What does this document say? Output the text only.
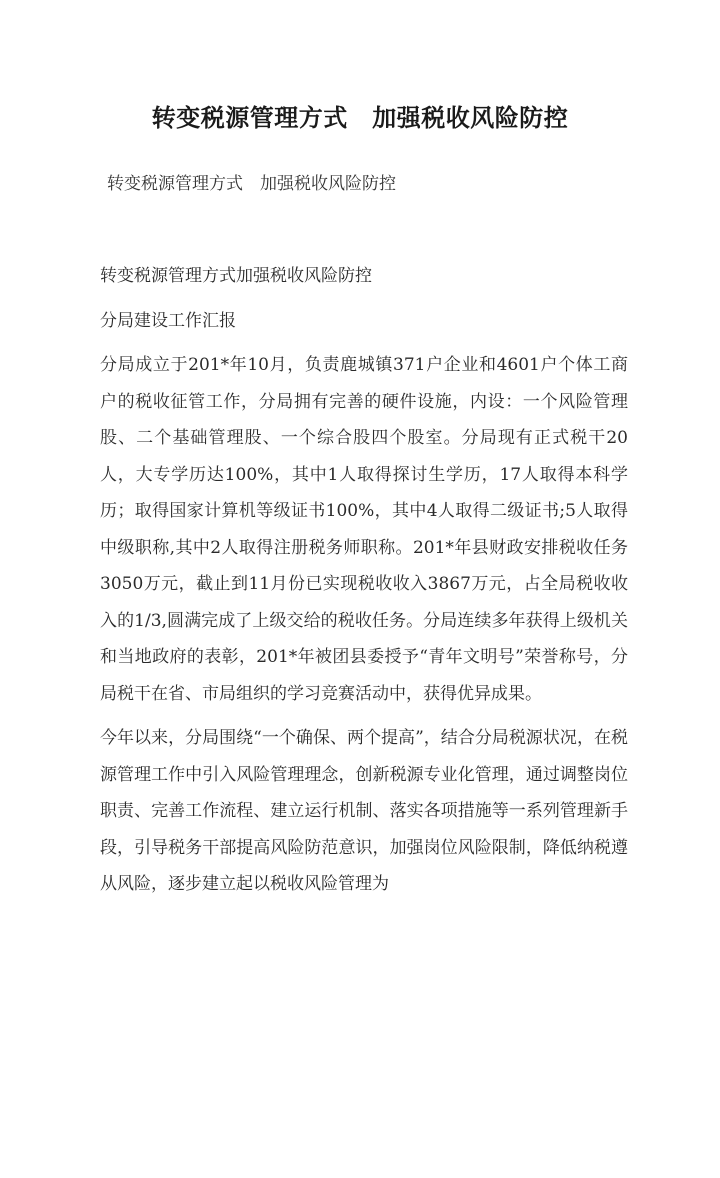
转变税源管理方式　加强税收风险防控

转变税源管理方式　加强税收风险防控

转变税源管理方式加强税收风险防控

分局建设工作汇报

分局成立于201*年10月，负责鹿城镇371户企业和4601户个体工商户的税收征管工作，分局拥有完善的硬件设施，内设：一个风险管理股、二个基础管理股、一个综合股四个股室。分局现有正式税干20人，大专学历达100%，其中1人取得探讨生学历，17人取得本科学历；取得国家计算机等级证书100%，其中4人取得二级证书;5人取得中级职称,其中2人取得注册税务师职称。201*年县财政安排税收任务3050万元，截止到11月份已实现税收收入3867万元，占全局税收收入的1/3,圆满完成了上级交给的税收任务。分局连续多年获得上级机关和当地政府的表彰，201*年被团县委授予“青年文明号”荣誉称号，分局税干在省、市局组织的学习竞赛活动中，获得优异成果。

今年以来，分局围绕“一个确保、两个提高”，结合分局税源状况，在税源管理工作中引入风险管理理念，创新税源专业化管理，通过调整岗位职责、完善工作流程、建立运行机制、落实各项措施等一系列管理新手段，引导税务干部提高风险防范意识，加强岗位风险限制，降低纳税遵从风险，逐步建立起以税收风险管理为
